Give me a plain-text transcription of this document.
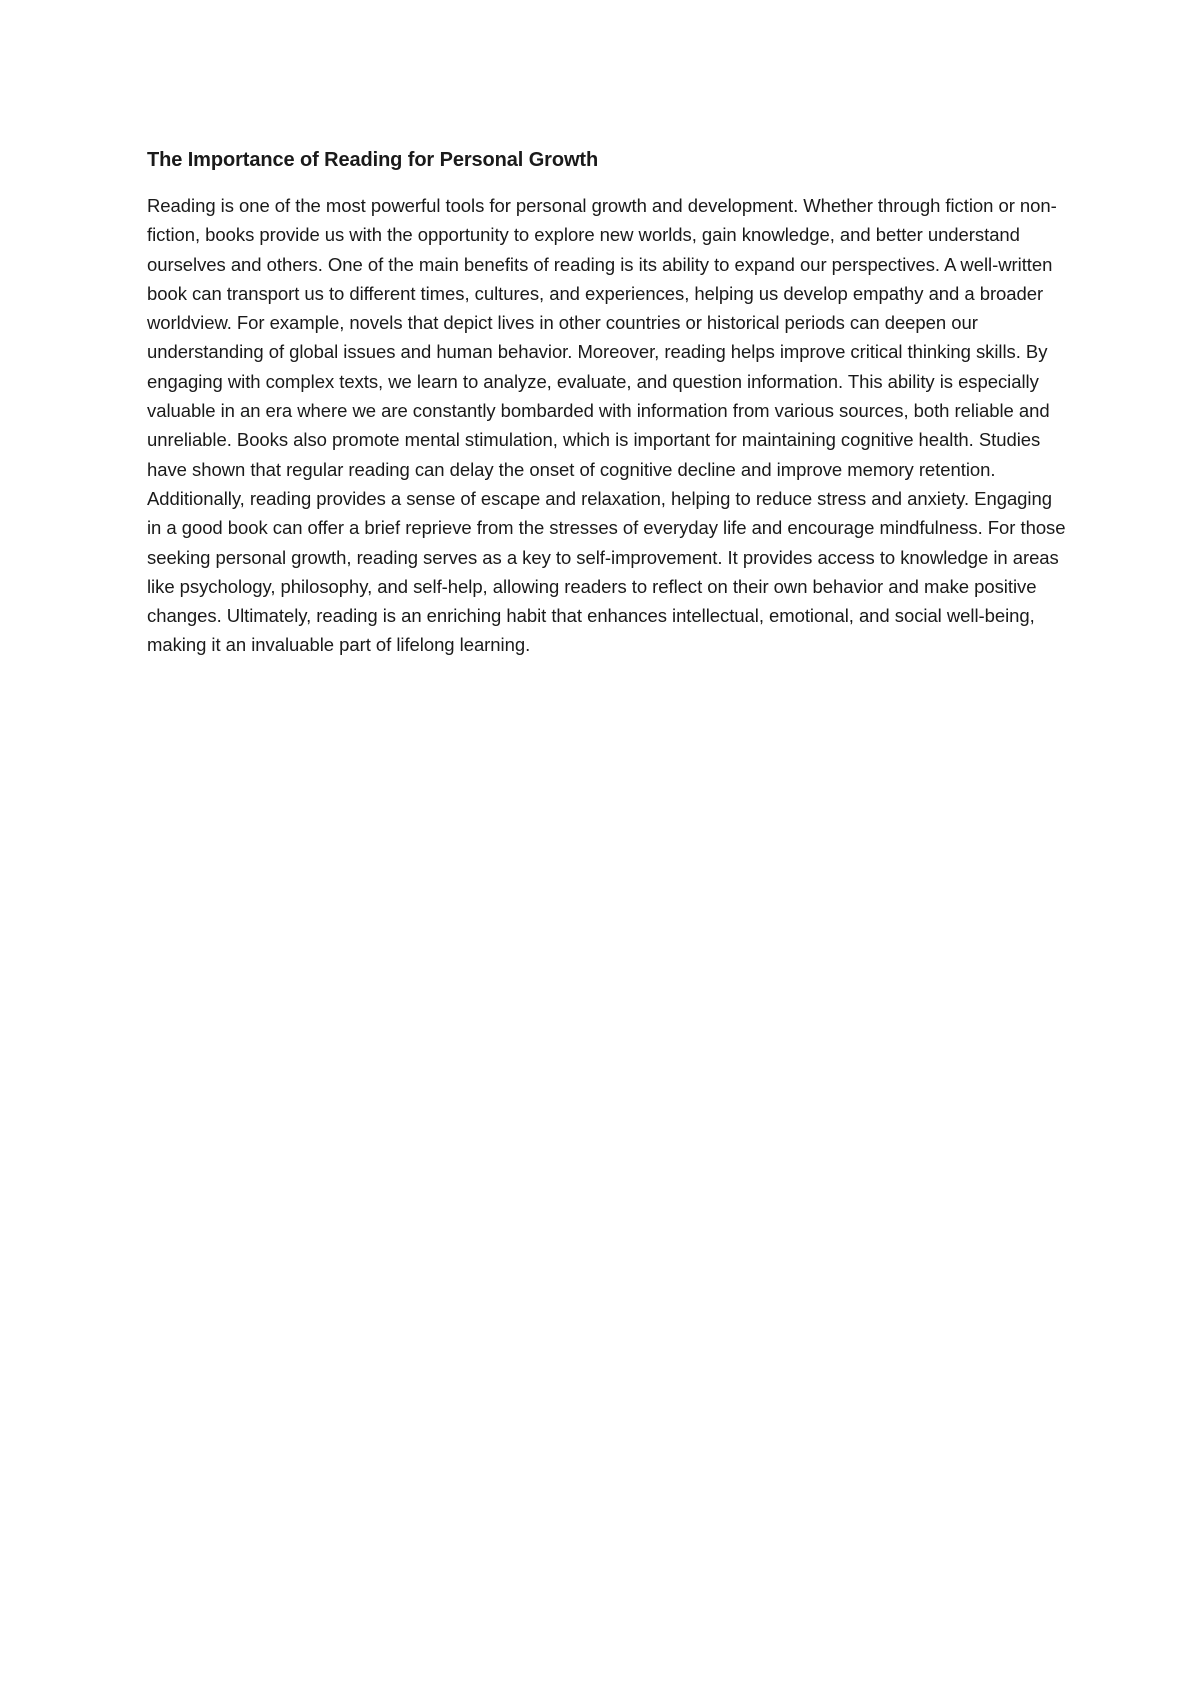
The Importance of Reading for Personal Growth

Reading is one of the most powerful tools for personal growth and development. Whether through fiction or non-fiction, books provide us with the opportunity to explore new worlds, gain knowledge, and better understand ourselves and others. One of the main benefits of reading is its ability to expand our perspectives. A well-written book can transport us to different times, cultures, and experiences, helping us develop empathy and a broader worldview. For example, novels that depict lives in other countries or historical periods can deepen our understanding of global issues and human behavior. Moreover, reading helps improve critical thinking skills. By engaging with complex texts, we learn to analyze, evaluate, and question information. This ability is especially valuable in an era where we are constantly bombarded with information from various sources, both reliable and unreliable. Books also promote mental stimulation, which is important for maintaining cognitive health. Studies have shown that regular reading can delay the onset of cognitive decline and improve memory retention. Additionally, reading provides a sense of escape and relaxation, helping to reduce stress and anxiety. Engaging in a good book can offer a brief reprieve from the stresses of everyday life and encourage mindfulness. For those seeking personal growth, reading serves as a key to self-improvement. It provides access to knowledge in areas like psychology, philosophy, and self-help, allowing readers to reflect on their own behavior and make positive changes. Ultimately, reading is an enriching habit that enhances intellectual, emotional, and social well-being, making it an invaluable part of lifelong learning.
